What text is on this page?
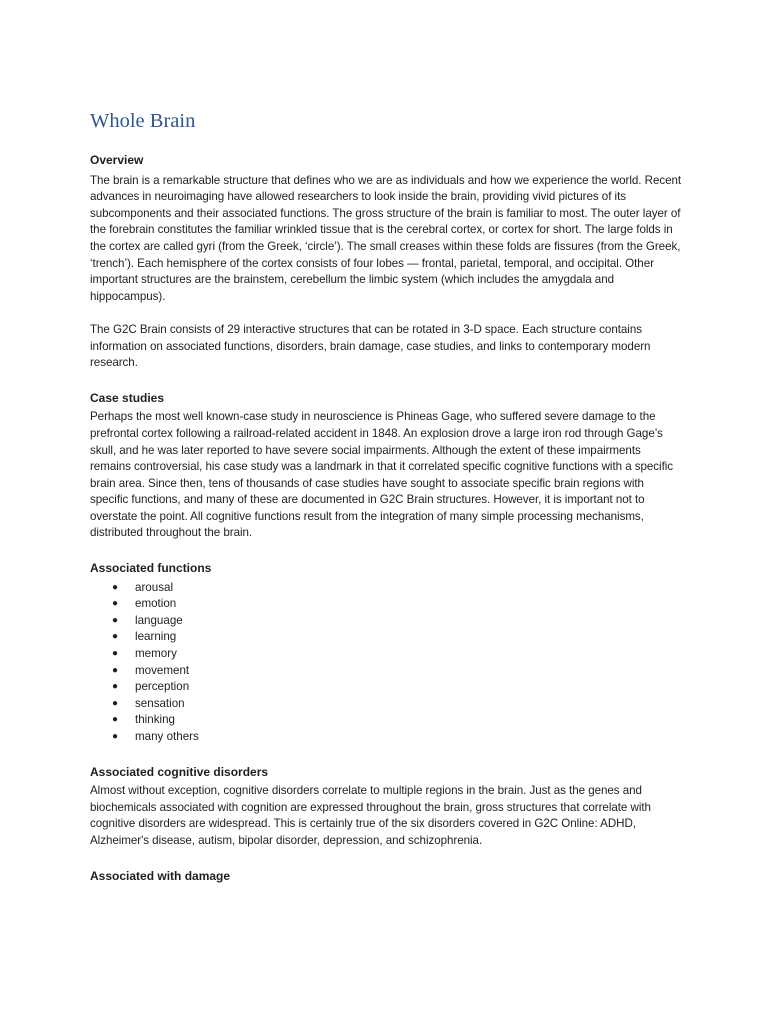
Whole Brain
Overview

The brain is a remarkable structure that defines who we are as individuals and how we experience the world. Recent advances in neuroimaging have allowed researchers to look inside the brain, providing vivid pictures of its subcomponents and their associated functions. The gross structure of the brain is familiar to most. The outer layer of the forebrain constitutes the familiar wrinkled tissue that is the cerebral cortex, or cortex for short. The large folds in the cortex are called gyri (from the Greek, ‘circle’). The small creases within these folds are fissures (from the Greek, ‘trench’). Each hemisphere of the cortex consists of four lobes — frontal, parietal, temporal, and occipital. Other important structures are the brainstem, cerebellum the limbic system (which includes the amygdala and hippocampus).

The G2C Brain consists of 29 interactive structures that can be rotated in 3-D space. Each structure contains information on associated functions, disorders, brain damage, case studies, and links to contemporary modern research.

Case studies

Perhaps the most well known-case study in neuroscience is Phineas Gage, who suffered severe damage to the prefrontal cortex following a railroad-related accident in 1848. An explosion drove a large iron rod through Gage’s skull, and he was later reported to have severe social impairments. Although the extent of these impairments remains controversial, his case study was a landmark in that it correlated specific cognitive functions with a specific brain area. Since then, tens of thousands of case studies have sought to associate specific brain regions with specific functions, and many of these are documented in G2C Brain structures. However, it is important not to overstate the point. All cognitive functions result from the integration of many simple processing mechanisms, distributed throughout the brain.

Associated functions
● arousal
● emotion
● language
● learning
● memory
● movement
● perception
● sensation
● thinking
● many others
Associated cognitive disorders

Almost without exception, cognitive disorders correlate to multiple regions in the brain. Just as the genes and biochemicals associated with cognition are expressed throughout the brain, gross structures that correlate with cognitive disorders are widespread. This is certainly true of the six disorders covered in G2C Online: ADHD, Alzheimer's disease, autism, bipolar disorder, depression, and schizophrenia.

Associated with damage
